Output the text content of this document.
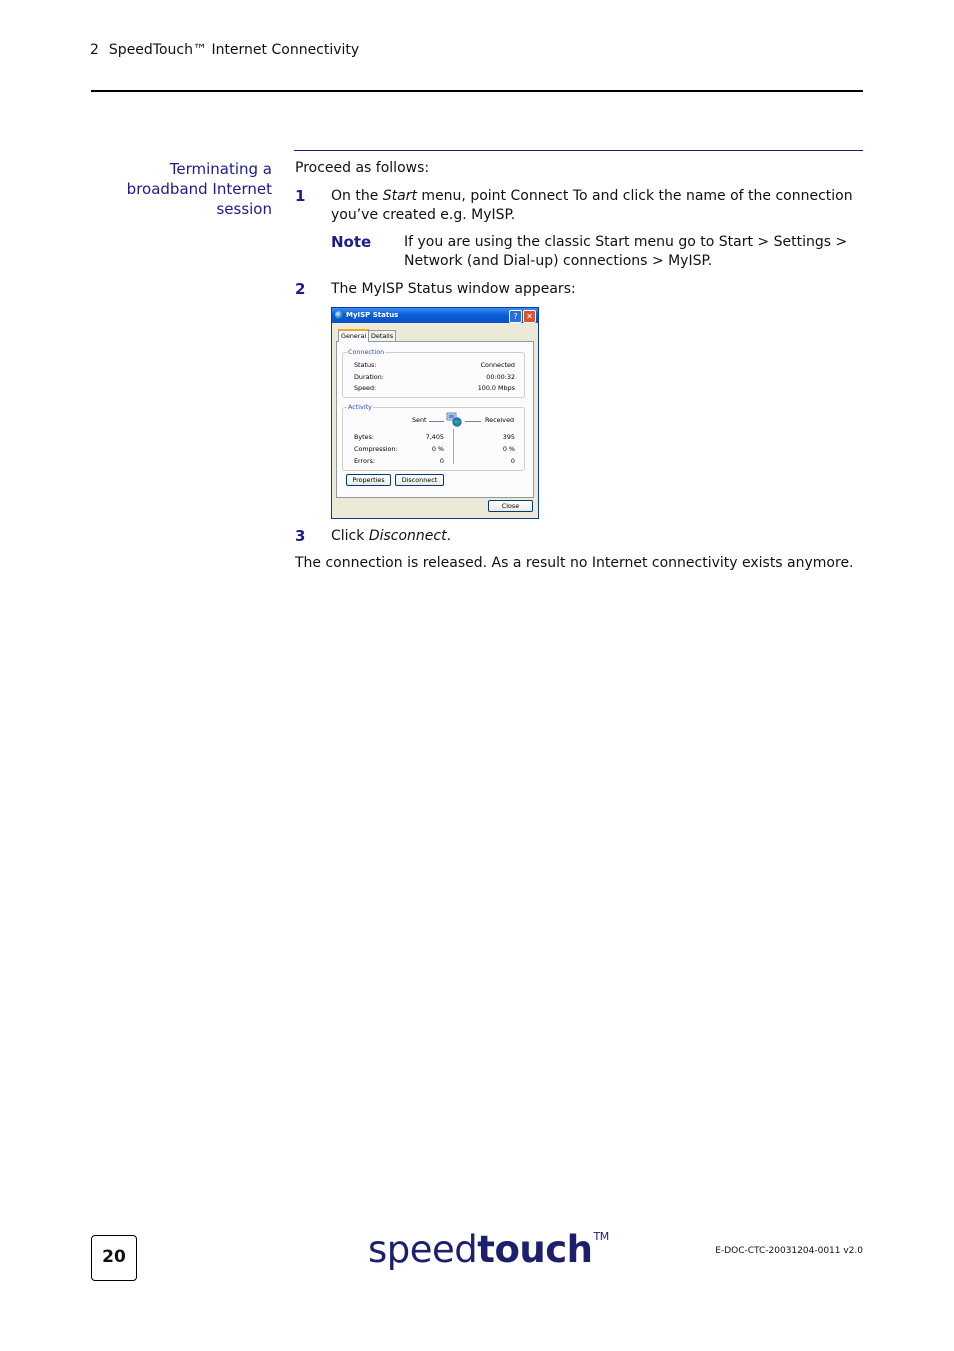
2 SpeedTouch™ Internet Connectivity
Terminating a
broadband Internet
session
Proceed as follows:
1 On the Start menu, point Connect To and click the name of the connection you’ve created e.g. MyISP.
Note If you are using the classic Start menu go to Start > Settings > Network (and Dial-up) connections > MyISP.
2 The MyISP Status window appears:
MyISP Status	?	✕
General Details
Connection
Status:	Connected
Duration:	00:00:32
Speed:	100.0 Mbps
Activity
Sent	Received
Bytes:	7,405	395
Compression:	0 %	0 %
Errors:	0	0
Properties	Disconnect
Close
3 Click Disconnect.
The connection is released. As a result no Internet connectivity exists anymore.
20	speedtouch™
E-DOC-CTC-20031204-0011 v2.0
